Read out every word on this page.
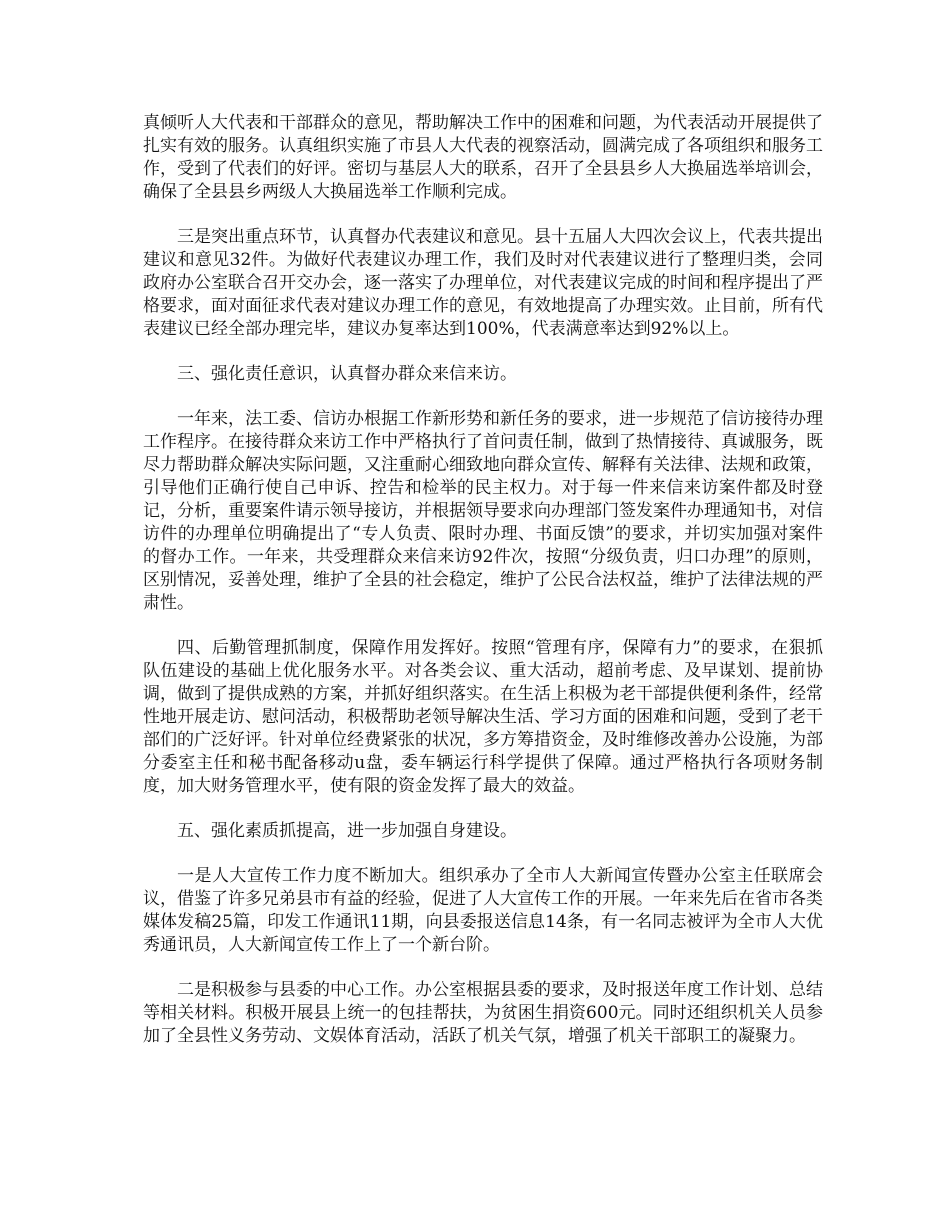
真倾听人大代表和干部群众的意见，帮助解决工作中的困难和问题，为代表活动开展提供了扎实有效的服务。认真组织实施了市县人大代表的视察活动，圆满完成了各项组织和服务工作，受到了代表们的好评。密切与基层人大的联系，召开了全县县乡人大换届选举培训会，确保了全县县乡两级人大换届选举工作顺利完成。

三是突出重点环节，认真督办代表建议和意见。县十五届人大四次会议上，代表共提出建议和意见32件。为做好代表建议办理工作，我们及时对代表建议进行了整理归类，会同政府办公室联合召开交办会，逐一落实了办理单位，对代表建议完成的时间和程序提出了严格要求，面对面征求代表对建议办理工作的意见，有效地提高了办理实效。止目前，所有代表建议已经全部办理完毕，建议办复率达到100%，代表满意率达到92%以上。

三、强化责任意识，认真督办群众来信来访。

一年来，法工委、信访办根据工作新形势和新任务的要求，进一步规范了信访接待办理工作程序。在接待群众来访工作中严格执行了首问责任制，做到了热情接待、真诚服务，既尽力帮助群众解决实际问题，又注重耐心细致地向群众宣传、解释有关法律、法规和政策，引导他们正确行使自己申诉、控告和检举的民主权力。对于每一件来信来访案件都及时登记，分析，重要案件请示领导接访，并根据领导要求向办理部门签发案件办理通知书，对信访件的办理单位明确提出了“专人负责、限时办理、书面反馈”的要求，并切实加强对案件的督办工作。一年来，共受理群众来信来访92件次，按照“分级负责，归口办理”的原则，区别情况，妥善处理，维护了全县的社会稳定，维护了公民合法权益，维护了法律法规的严肃性。

四、后勤管理抓制度，保障作用发挥好。按照“管理有序，保障有力”的要求，在狠抓队伍建设的基础上优化服务水平。对各类会议、重大活动，超前考虑、及早谋划、提前协调，做到了提供成熟的方案，并抓好组织落实。在生活上积极为老干部提供便利条件，经常性地开展走访、慰问活动，积极帮助老领导解决生活、学习方面的困难和问题，受到了老干部们的广泛好评。针对单位经费紧张的状况，多方筹措资金，及时维修改善办公设施，为部分委室主任和秘书配备移动u盘，委车辆运行科学提供了保障。通过严格执行各项财务制度，加大财务管理水平，使有限的资金发挥了最大的效益。

五、强化素质抓提高，进一步加强自身建设。

一是人大宣传工作力度不断加大。组织承办了全市人大新闻宣传暨办公室主任联席会议，借鉴了许多兄弟县市有益的经验，促进了人大宣传工作的开展。一年来先后在省市各类媒体发稿25篇，印发工作通讯11期，向县委报送信息14条，有一名同志被评为全市人大优秀通讯员，人大新闻宣传工作上了一个新台阶。

二是积极参与县委的中心工作。办公室根据县委的要求，及时报送年度工作计划、总结等相关材料。积极开展县上统一的包挂帮扶，为贫困生捐资600元。同时还组织机关人员参加了全县性义务劳动、文娱体育活动，活跃了机关气氛，增强了机关干部职工的凝聚力。
